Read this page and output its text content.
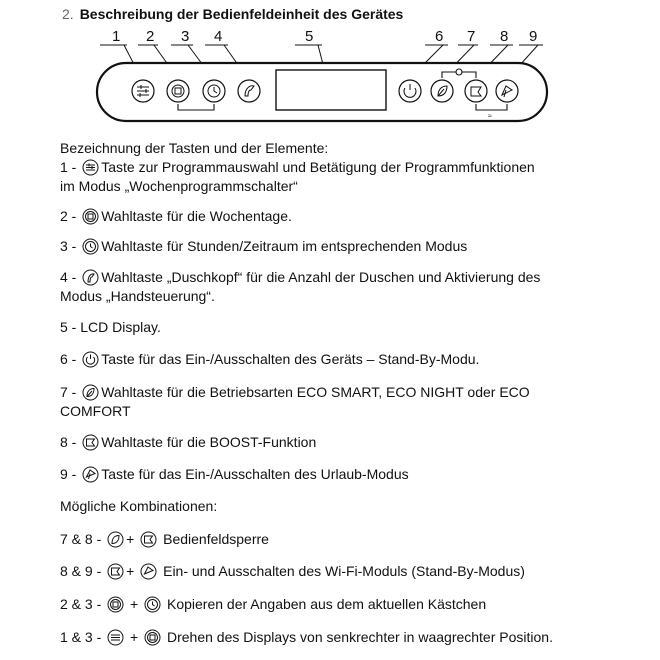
2. Beschreibung der Bedienfeldeinheit des Gerätes
1 2 3 4	5	6 7 8 9
≈
Bezeichnung der Tasten und der Elemente:
1 - Taste zur Programmauswahl und Betätigung der Programmfunktionen
im Modus „Wochenprogrammschalter“
2 - Wahltaste für die Wochentage.
3 - Wahltaste für Stunden/Zeitraum im entsprechenden Modus
4 - Wahltaste „Duschkopf“ für die Anzahl der Duschen und Aktivierung des
Modus „Handsteuerung“.
5 - LCD Display.
6 - Taste für das Ein-/Ausschalten des Geräts – Stand-By-Modu.
7 - Wahltaste für die Betriebsarten ECO SMART, ECO NIGHT oder ECO
COMFORT
8 - Wahltaste für die BOOST-Funktion
9 - Taste für das Ein-/Ausschalten des Urlaub-Modus
Mögliche Kombinationen:
7 & 8 - +
Bedienfeldsperre
8 & 9 - +
Ein- und Ausschalten des Wi-Fi-Moduls (Stand-By-Modus)
2 & 3 -
+
Kopieren der Angaben aus dem aktuellen Kästchen
1 & 3 -
+
Drehen des Displays von senkrechter in waagrechter Position.
